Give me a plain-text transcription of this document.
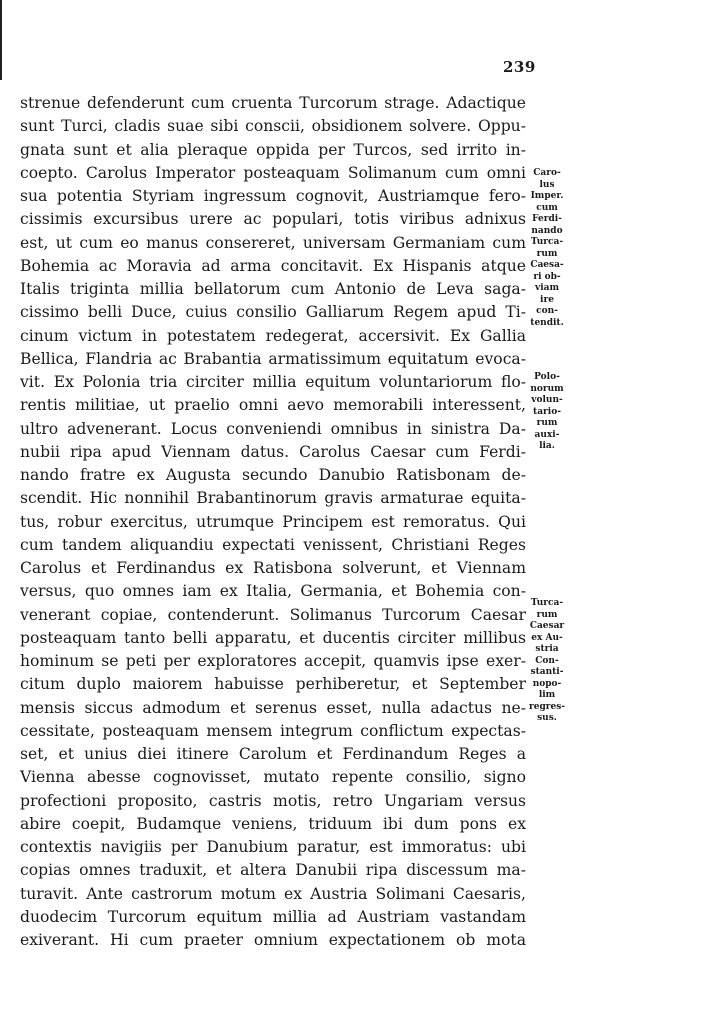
239
strenue defenderunt cum cruenta Turcorum strage. Adactique
sunt Turci, cladis suae sibi conscii, obsidionem solvere. Oppu-
gnata sunt et alia pleraque oppida per Turcos, sed irrito in-
coepto. Carolus Imperator posteaquam Solimanum cum omni
sua potentia Styriam ingressum cognovit, Austriamque fero-
cissimis excursibus urere ac populari, totis viribus adnixus
est, ut cum eo manus consereret, universam Germaniam cum
Bohemia ac Moravia ad arma concitavit. Ex Hispanis atque
Italis triginta millia bellatorum cum Antonio de Leva saga-
cissimo belli Duce, cuius consilio Galliarum Regem apud Ti-
cinum victum in potestatem redegerat, accersivit. Ex Gallia
Bellica, Flandria ac Brabantia armatissimum equitatum evoca-
vit. Ex Polonia tria circiter millia equitum voluntariorum flo-
rentis militiae, ut praelio omni aevo memorabili interessent,
ultro advenerant. Locus conveniendi omnibus in sinistra Da-
nubii ripa apud Viennam datus. Carolus Caesar cum Ferdi-
nando fratre ex Augusta secundo Danubio Ratisbonam de-
scendit. Hic nonnihil Brabantinorum gravis armaturae equita-
tus, robur exercitus, utrumque Principem est remoratus. Qui
cum tandem aliquandiu expectati venissent, Christiani Reges
Carolus et Ferdinandus ex Ratisbona solverunt, et Viennam
versus, quo omnes iam ex Italia, Germania, et Bohemia con-
venerant copiae, contenderunt. Solimanus Turcorum Caesar
posteaquam tanto belli apparatu, et ducentis circiter millibus
hominum se peti per exploratores accepit, quamvis ipse exer-
citum duplo maiorem habuisse perhiberetur, et September
mensis siccus admodum et serenus esset, nulla adactus ne-
cessitate, posteaquam mensem integrum conflictum expectas-
set, et unius diei itinere Carolum et Ferdinandum Reges a
Vienna abesse cognovisset, mutato repente consilio, signo
profectioni proposito, castris motis, retro Ungariam versus
abire coepit, Budamque veniens, triduum ibi dum pons ex
contextis navigiis per Danubium paratur, est immoratus: ubi
copias omnes traduxit, et altera Danubii ripa discessum ma-
turavit. Ante castrorum motum ex Austria Solimani Caesaris,
duodecim Turcorum equitum millia ad Austriam vastandam
exiverant. Hi cum praeter omnium expectationem ob mota
Caro-
lus
Imper.
cum
Ferdi-
nando
Turca-
rum
Caesa-
ri ob-
viam
ire
con-
tendit.
Polo-
norum
volun-
tario-
rum
auxi-
lia.
Turca-
rum
Caesar
ex Au-
stria
Con-
stanti-
nopo-
lim
regres-
sus.
